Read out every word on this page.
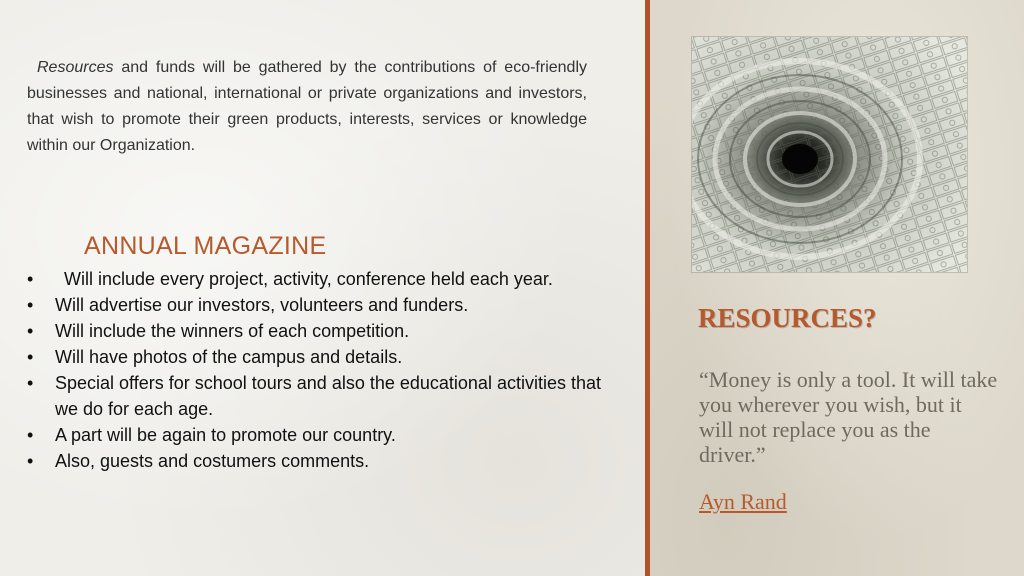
Resources and funds will be gathered by the contributions of eco-friendly businesses and national, international or private organizations and investors, that wish to promote their green products, interests, services or knowledge within our Organization.

ANNUAL MAGAZINE
• Will include every project, activity, conference held each year.
• Will advertise our investors, volunteers and funders.
• Will include the winners of each competition.
• Will have photos of the campus and details.
• Special offers for school tours and also the educational activities that we do for each age.
• A part will be again to promote our country.
• Also, guests and costumers comments.
RESOURCES?

“Money is only a tool. It will take you wherever you wish, but it will not replace you as the driver.”

Ayn Rand
